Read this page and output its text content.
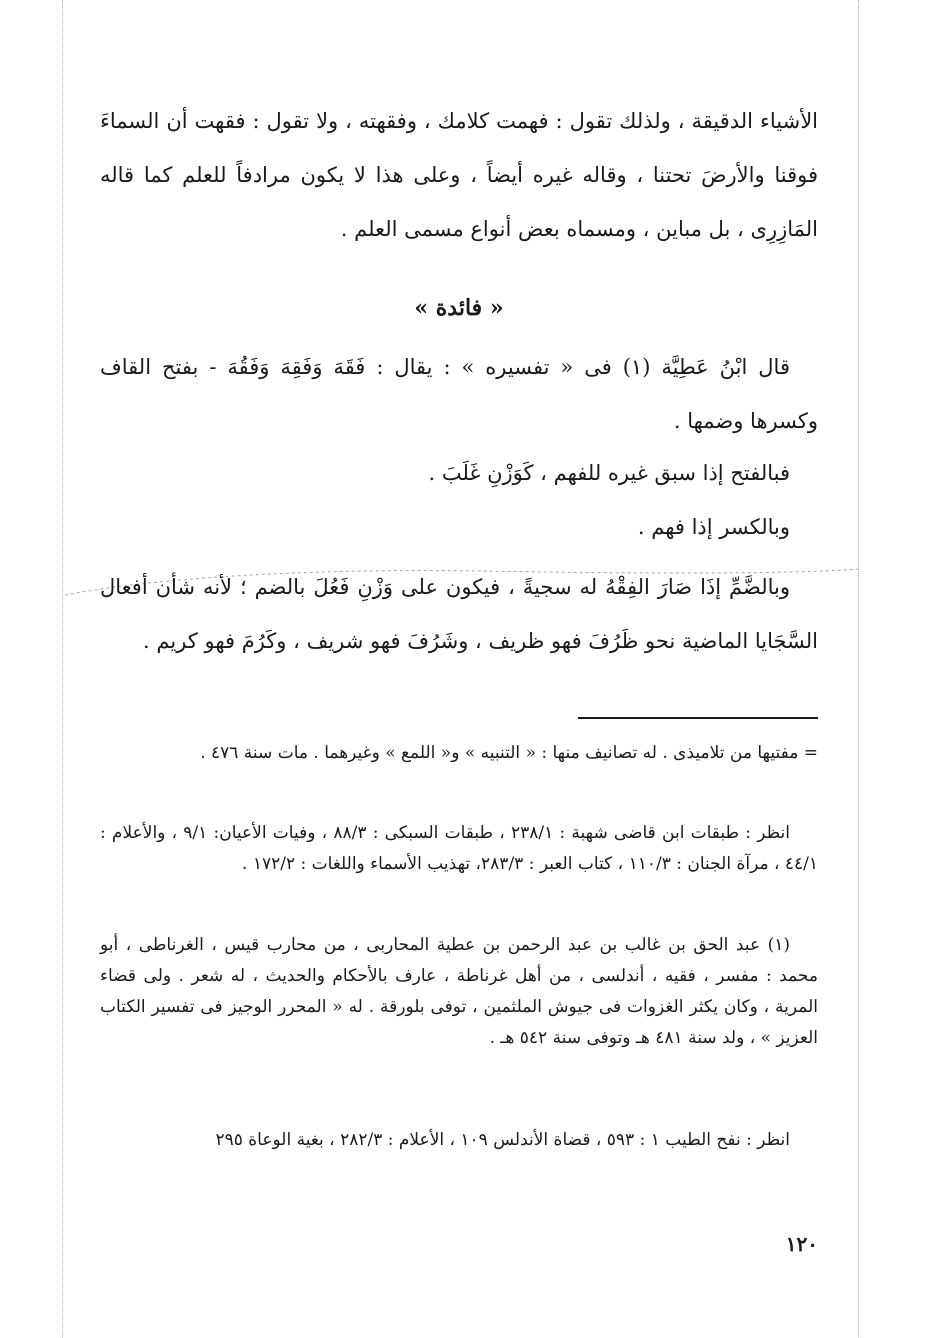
الأشياء الدقيقة ، ولذلك تقول : فهمت كلامك ، وفقهته ، ولا تقول : فقهت أن السماءَ فوقنا والأرضَ تحتنا ، وقاله غيره أيضاً ، وعلى هذا لا يكون مرادفاً للعلم كما قاله المَازِرِى ، بل مباين ، ومسماه بعض أنواع مسمى العلم .
« فائدة »
قال ابْنُ عَطِيَّة (١) فى « تفسيره » : يقال : فَقَهَ وَفَقِهَ وَفَقُهَ - بفتح القاف وكسرها وضمها .
فبالفتح إذا سبق غيره للفهم ، كَوَزْنِ غَلَبَ .
وبالكسر إذا فهم .
وبالضَّمِّ إذَا صَارَ الفِقْهُ له سجيةً ، فيكون على وَزْنِ فَعُلَ بالضم ؛ لأنه شأن أفعال السَّجَايا الماضية نحو ظَرُفَ فهو ظريف ، وشَرُفَ فهو شريف ، وكَرُمَ فهو كريم .
= مفتيها من تلاميذى . له تصانيف منها : « التنبيه » و« اللمع » وغيرهما . مات سنة ٤٧٦ .
انظر : طبقات ابن قاضى شهبة : ٢٣٨/١ ، طبقات السبكى : ٨٨/٣ ، وفيات الأعيان: ٩/١ ، والأعلام : ٤٤/١ ، مرآة الجنان : ١١٠/٣ ، كتاب العبر : ٢٨٣/٣، تهذيب الأسماء واللغات : ١٧٢/٢ .
(١) عبد الحق بن غالب بن عبد الرحمن بن عطية المحاربى ، من محارب قيس ، الغرناطى ، أبو محمد : مفسر ، فقيه ، أندلسى ، من أهل غرناطة ، عارف بالأحكام والحديث ، له شعر . ولى قضاء المرية ، وكان يكثر الغزوات فى جيوش الملثمين ، توفى بلورقة . له « المحرر الوجيز فى تفسير الكتاب العزيز » ، ولد سنة ٤٨١ هـ وتوفى سنة ٥٤٢ هـ .
انظر : نفح الطيب ١ : ٥٩٣ ، قضاة الأندلس ١٠٩ ، الأعلام : ٢٨٢/٣ ، بغية الوعاة ٢٩٥
١٢٠
